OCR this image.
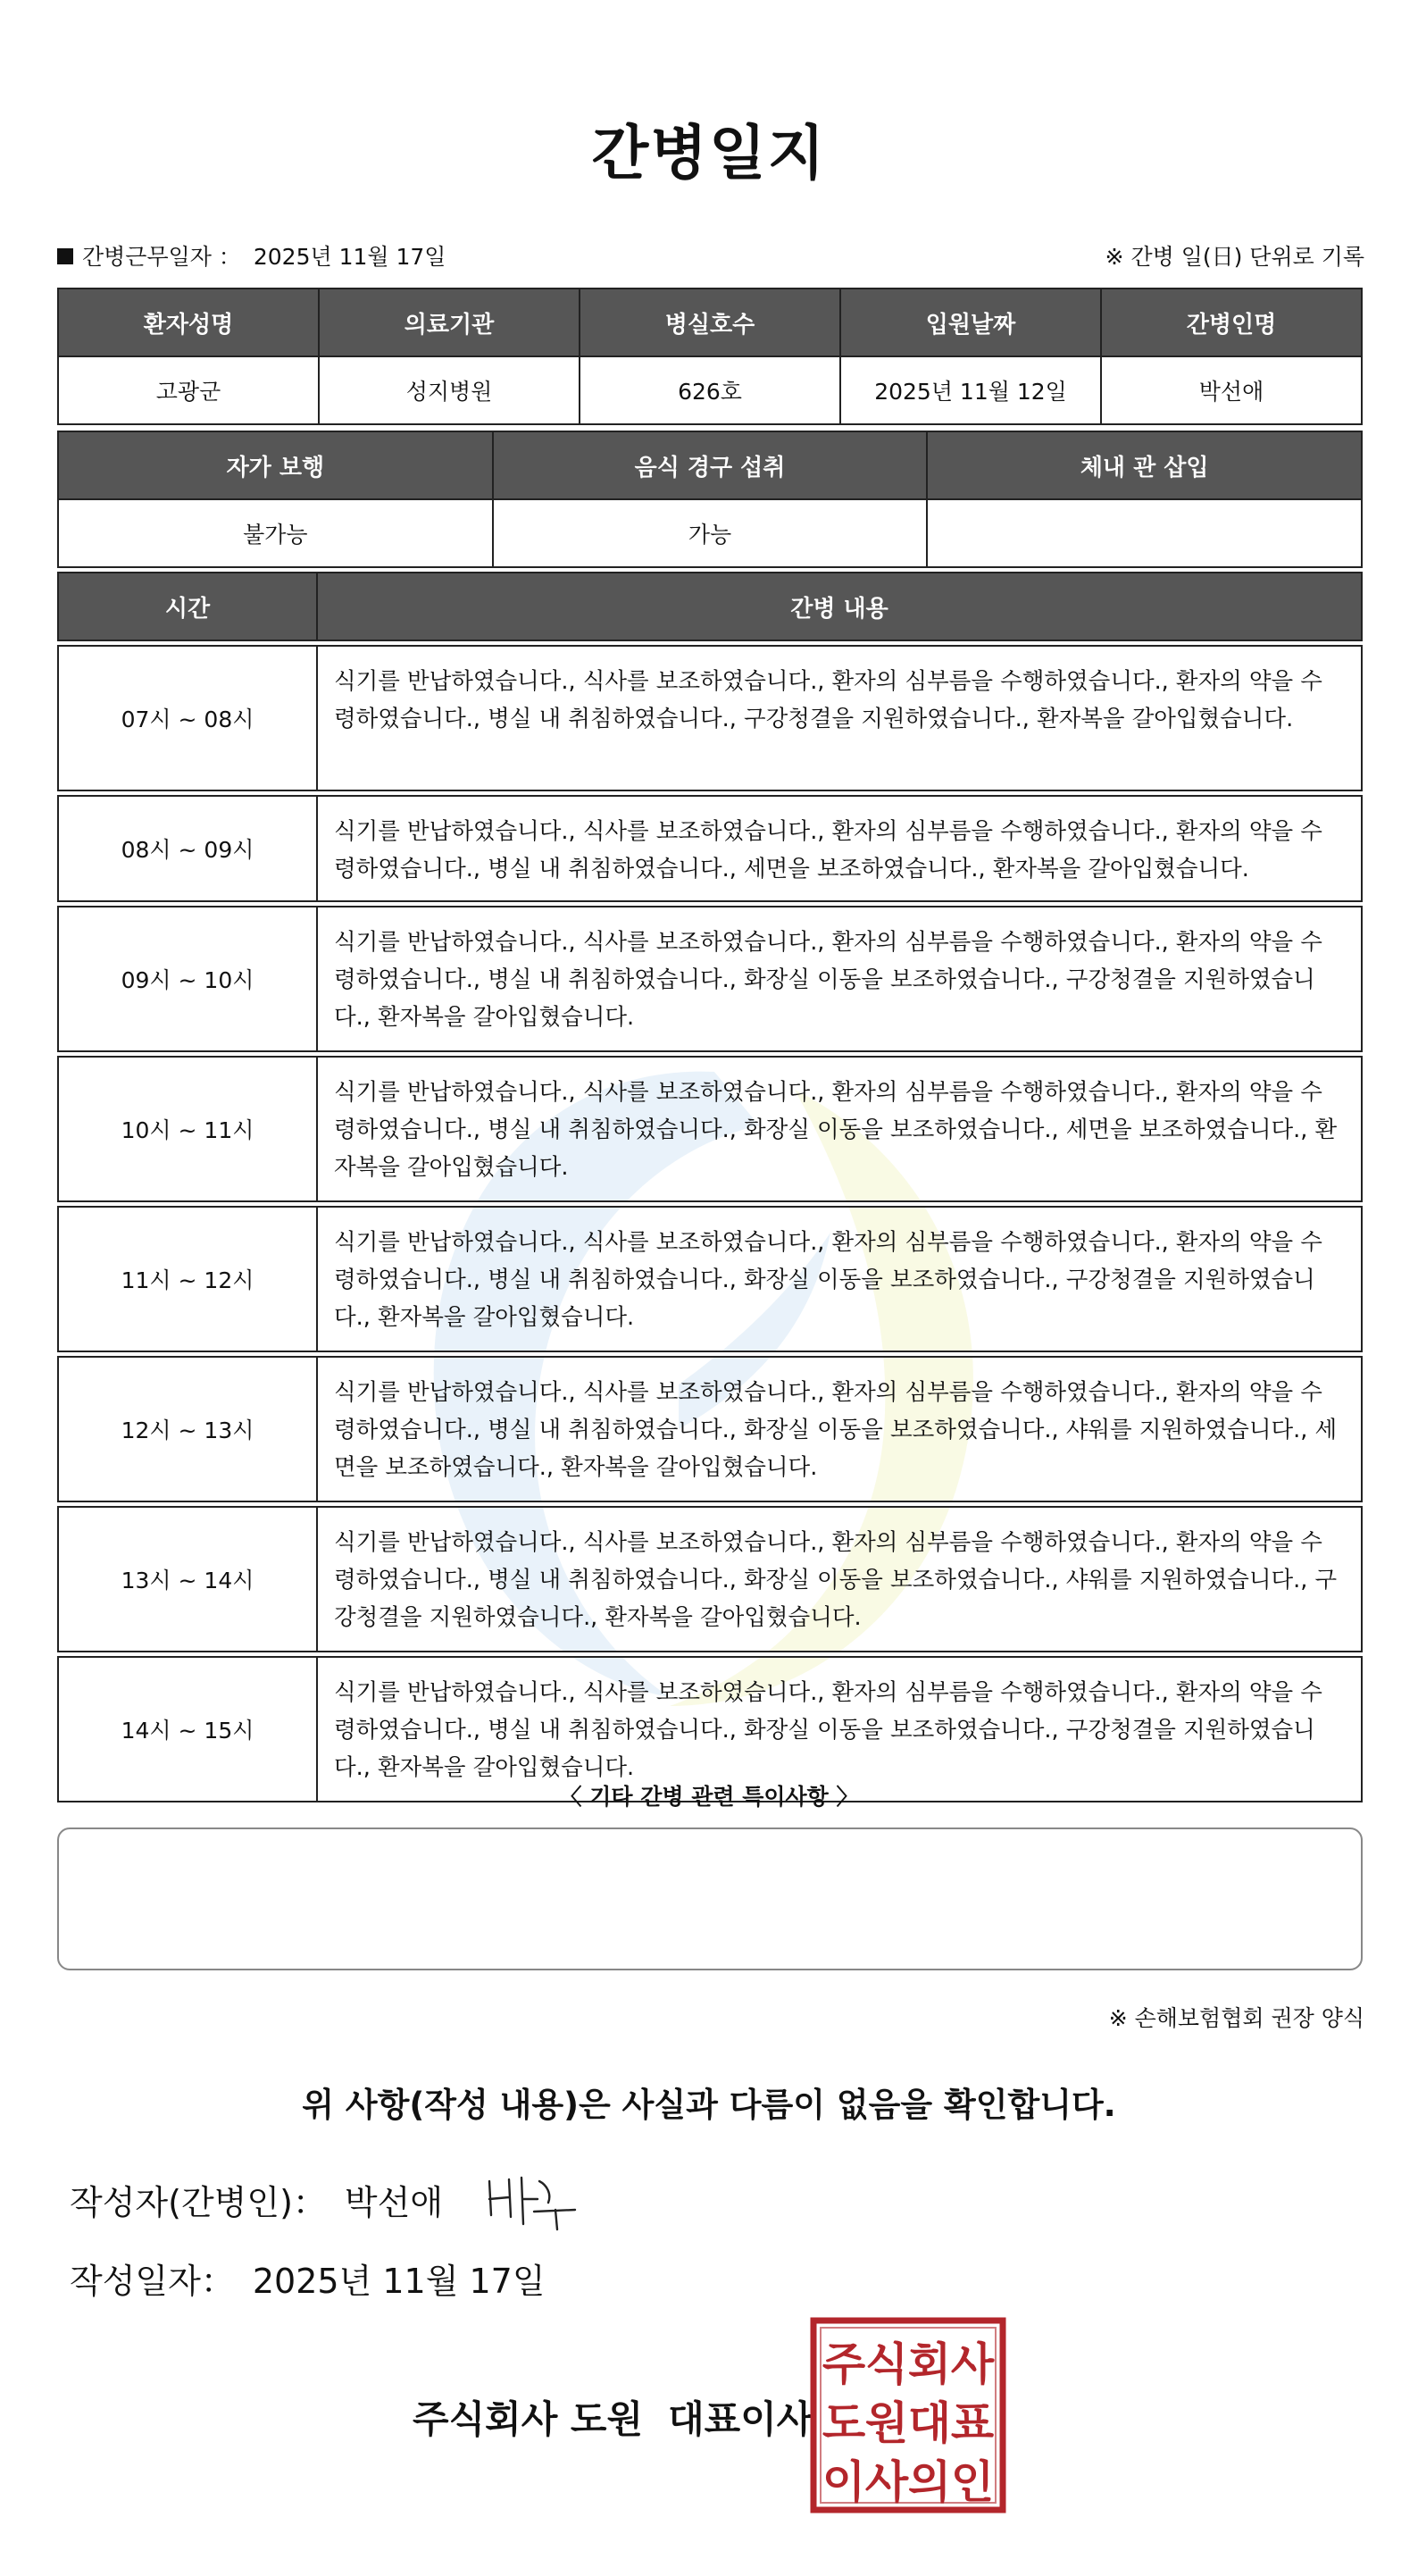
간병일지
간병근무일자 ： 2025년 11월 17일	※ 간병 일(日) 단위로 기록
환자성명	의료기관	병실호수	입원날짜	간병인명
고광군	성지병원	626호	2025년 11월 12일	박선애
자가 보행	음식 경구 섭취	체내 관 삽입
불가능	가능	
시간	간병 내용

07시 ~ 08시	식기를 반납하였습니다., 식사를 보조하였습니다., 환자의 심부름을 수행하였습니다., 환자의 약을 수령하였습니다., 병실 내 취침하였습니다., 구강청결을 지원하였습니다., 환자복을 갈아입혔습니다.

08시 ~ 09시	식기를 반납하였습니다., 식사를 보조하였습니다., 환자의 심부름을 수행하였습니다., 환자의 약을 수령하였습니다., 병실 내 취침하였습니다., 세면을 보조하였습니다., 환자복을 갈아입혔습니다.

09시 ~ 10시	식기를 반납하였습니다., 식사를 보조하였습니다., 환자의 심부름을 수행하였습니다., 환자의 약을 수령하였습니다., 병실 내 취침하였습니다., 화장실 이동을 보조하였습니다., 구강청결을 지원하였습니다., 환자복을 갈아입혔습니다.

10시 ~ 11시	식기를 반납하였습니다., 식사를 보조하였습니다., 환자의 심부름을 수행하였습니다., 환자의 약을 수령하였습니다., 병실 내 취침하였습니다., 화장실 이동을 보조하였습니다., 세면을 보조하였습니다., 환자복을 갈아입혔습니다.

11시 ~ 12시	식기를 반납하였습니다., 식사를 보조하였습니다., 환자의 심부름을 수행하였습니다., 환자의 약을 수령하였습니다., 병실 내 취침하였습니다., 화장실 이동을 보조하였습니다., 구강청결을 지원하였습니다., 환자복을 갈아입혔습니다.

12시 ~ 13시	식기를 반납하였습니다., 식사를 보조하였습니다., 환자의 심부름을 수행하였습니다., 환자의 약을 수령하였습니다., 병실 내 취침하였습니다., 화장실 이동을 보조하였습니다., 샤워를 지원하였습니다., 세면을 보조하였습니다., 환자복을 갈아입혔습니다.

13시 ~ 14시	식기를 반납하였습니다., 식사를 보조하였습니다., 환자의 심부름을 수행하였습니다., 환자의 약을 수령하였습니다., 병실 내 취침하였습니다., 화장실 이동을 보조하였습니다., 샤워를 지원하였습니다., 구강청결을 지원하였습니다., 환자복을 갈아입혔습니다.

14시 ~ 15시	식기를 반납하였습니다., 식사를 보조하였습니다., 환자의 심부름을 수행하였습니다., 환자의 약을 수령하였습니다., 병실 내 취침하였습니다., 화장실 이동을 보조하였습니다., 구강청결을 지원하였습니다., 환자복을 갈아입혔습니다.
〈 기타 간병 관련 특이사항 〉
※ 손해보험협회 권장 양식
위 사항(작성 내용)은 사실과 다름이 없음을 확인합니다.
작성자(간병인)： 박선애
작성일자： 2025년 11월 17일
주식회사 도원 대표이사
주 식 회 사
도 원 대 표
이 사 의 인
